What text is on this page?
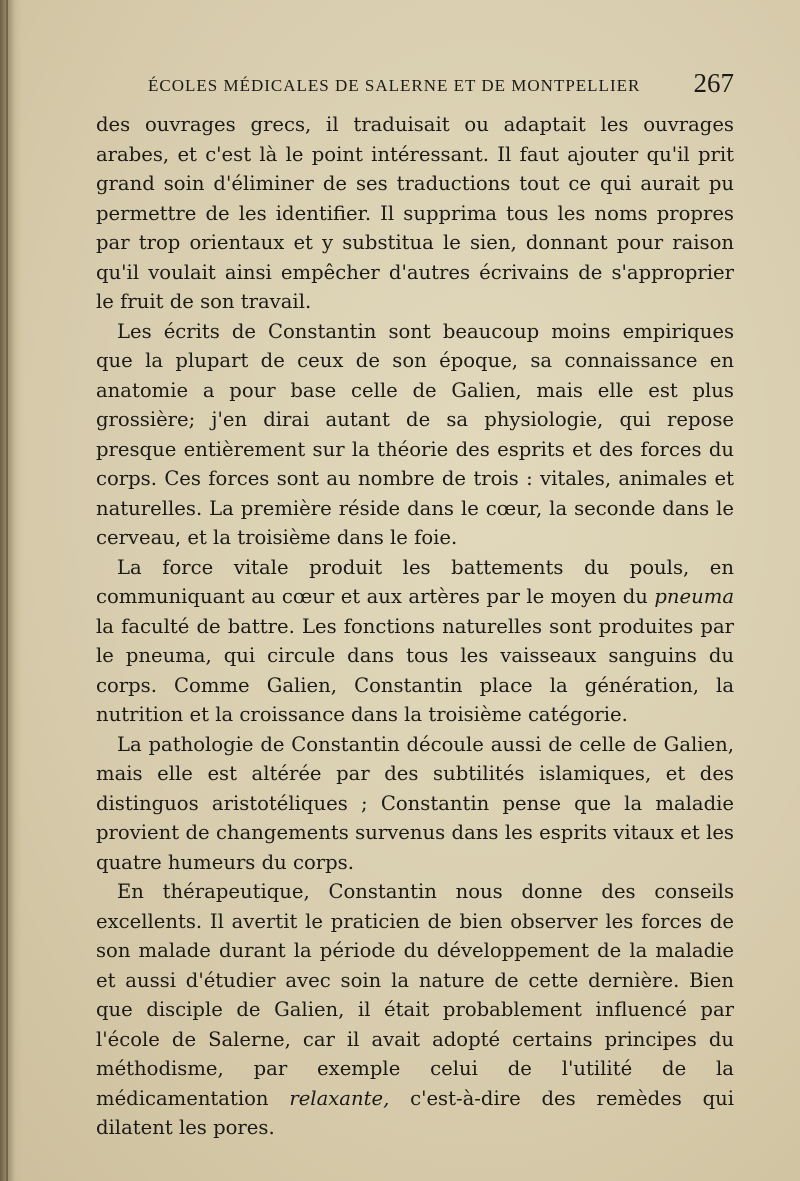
ÉCOLES MÉDICALES DE SALERNE ET DE MONTPELLIER 267

des ouvrages grecs, il traduisait ou adaptait les ouvrages arabes, et c'est là le point intéressant. Il faut ajouter qu'il prit grand soin d'éliminer de ses traductions tout ce qui aurait pu permettre de les identifier. Il supprima tous les noms propres par trop orientaux et y substitua le sien, donnant pour raison qu'il voulait ainsi empêcher d'autres écrivains de s'approprier le fruit de son travail.

Les écrits de Constantin sont beaucoup moins empiriques que la plupart de ceux de son époque, sa connaissance en anatomie a pour base celle de Galien, mais elle est plus grossière; j'en dirai autant de sa physiologie, qui repose presque entièrement sur la théorie des esprits et des forces du corps. Ces forces sont au nombre de trois : vitales, animales et naturelles. La première réside dans le cœur, la seconde dans le cerveau, et la troisième dans le foie.

La force vitale produit les battements du pouls, en communiquant au cœur et aux artères par le moyen du pneuma la faculté de battre. Les fonctions naturelles sont produites par le pneuma, qui circule dans tous les vaisseaux sanguins du corps. Comme Galien, Constantin place la génération, la nutrition et la croissance dans la troisième catégorie.

La pathologie de Constantin découle aussi de celle de Galien, mais elle est altérée par des subtilités islamiques, et des distinguos aristotéliques ; Constantin pense que la maladie provient de changements survenus dans les esprits vitaux et les quatre humeurs du corps.

En thérapeutique, Constantin nous donne des conseils excellents. Il avertit le praticien de bien observer les forces de son malade durant la période du développement de la maladie et aussi d'étudier avec soin la nature de cette dernière. Bien que disciple de Galien, il était probablement influencé par l'école de Salerne, car il avait adopté certains principes du méthodisme, par exemple celui de l'utilité de la médicamentation relaxante, c'est-à-dire des remèdes qui dilatent les pores.
